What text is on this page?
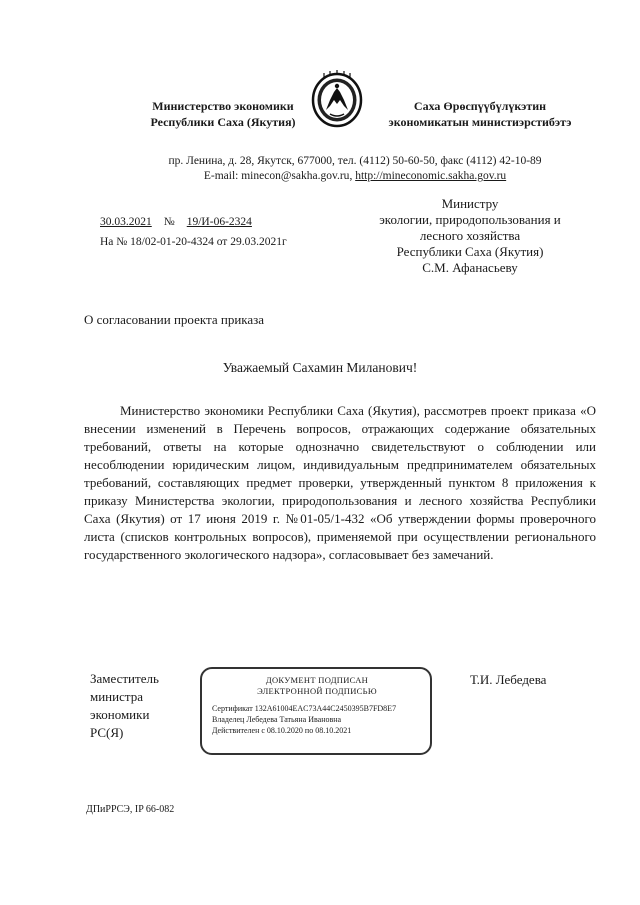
Министерство экономики
Республики Саха (Якутия)
Саха Өрөспүүбүлүкэтин
экономикатын министиэрстибэтэ
пр. Ленина, д. 28, Якутск, 677000, тел. (4112) 50-60-50, факс (4112) 42-10-89
E-mail: minecon@sakha.gov.ru, http://mineconomic.sakha.gov.ru
30.03.2021 № 19/И-06-2324
На № 18/02-01-20-4324 от 29.03.2021г
Министру
экологии, природопользования и
лесного хозяйства
Республики Саха (Якутия)
С.М. Афанасьеву
О согласовании проекта приказа
Уважаемый Сахамин Миланович!
Министерство экономики Республики Саха (Якутия), рассмотрев проект приказа «О внесении изменений в Перечень вопросов, отражающих содержание обязательных требований, ответы на которые однозначно свидетельствуют о соблюдении или несоблюдении юридическим лицом, индивидуальным предпринимателем обязательных требований, составляющих предмет проверки, утвержденный пунктом 8 приложения к приказу Министерства экологии, природопользования и лесного хозяйства Республики Саха (Якутия) от 17 июня 2019 г. №01-05/1-432 «Об утверждении формы проверочного листа (списков контрольных вопросов), применяемой при осуществлении регионального государственного экологического надзора», согласовывает без замечаний.
Заместитель
министра
экономики
РС(Я)
ДОКУМЕНТ ПОДПИСАН
ЭЛЕКТРОННОЙ ПОДПИСЬЮ
Сертификат 132A61004EAC73A44C2450395B7FD8E7
Владелец Лебедева Татьяна Ивановна
Действителен с 08.10.2020 по 08.10.2021
Т.И. Лебедева
ДПиРРСЭ, IP 66-082
